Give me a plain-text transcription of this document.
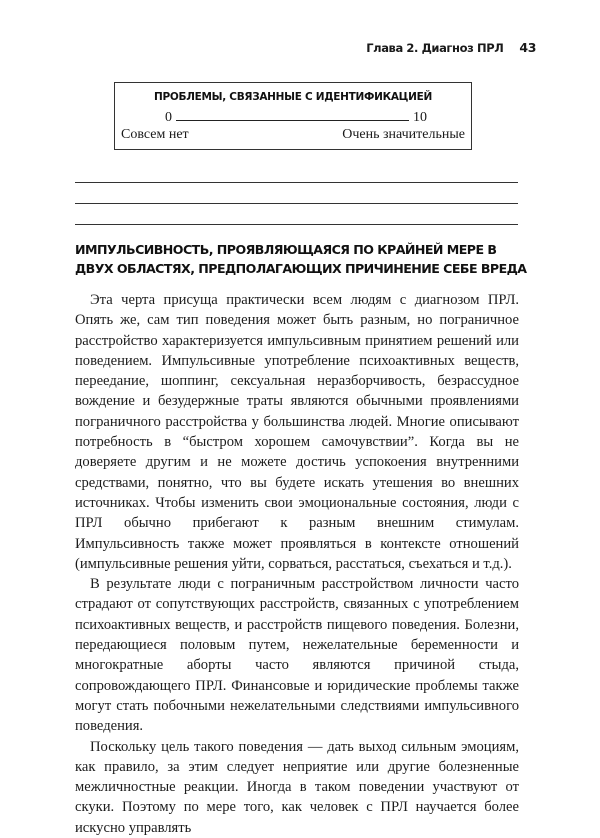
Глава 2. Диагноз ПРЛ 43
ПРОБЛЕМЫ, СВЯЗАННЫЕ С ИДЕНТИФИКАЦИЕЙ
0	10
Совсем нет	Очень значительные
ИМПУЛЬСИВНОСТЬ, ПРОЯВЛЯЮЩАЯСЯ ПО КРАЙНЕЙ МЕРЕ В ДВУХ ОБЛАСТЯХ, ПРЕДПОЛАГАЮЩИХ ПРИЧИНЕНИЕ СЕБЕ ВРЕДА

Эта черта присуща практически всем людям с диагнозом ПРЛ. Опять же, сам тип поведения может быть разным, но пограничное расстройство характеризуется импульсивным принятием решений или поведением. Импульсивные употребление психоактивных веществ, переедание, шоппинг, сексуальная неразборчивость, безрассудное вождение и безудержные траты являются обычными проявлениями пограничного расстройства у большинства людей. Многие описывают потребность в “быстром хорошем самочувствии”. Когда вы не доверяете другим и не можете достичь успокоения внутренними средствами, понятно, что вы будете искать утешения во внешних источниках. Чтобы изменить свои эмоциональные состояния, люди с ПРЛ обычно прибегают к разным внешним стимулам. Импульсивность также может проявляться в контексте отношений (импульсивные решения уйти, сорваться, расстаться, съехаться и т.д.).

В результате люди с пограничным расстройством личности часто страдают от сопутствующих расстройств, связанных с употреблением психоактивных веществ, и расстройств пищевого поведения. Болезни, передающиеся половым путем, нежелательные беременности и многократные аборты часто являются причиной стыда, сопровождающего ПРЛ. Финансовые и юридические проблемы также могут стать побочными нежелательными следствиями импульсивного поведения.

Поскольку цель такого поведения — дать выход сильным эмоциям, как правило, за этим следует неприятие или другие болезненные межличностные реакции. Иногда в таком поведении участвуют от скуки. Поэтому по мере того, как человек с ПРЛ научается более искусно управлять
